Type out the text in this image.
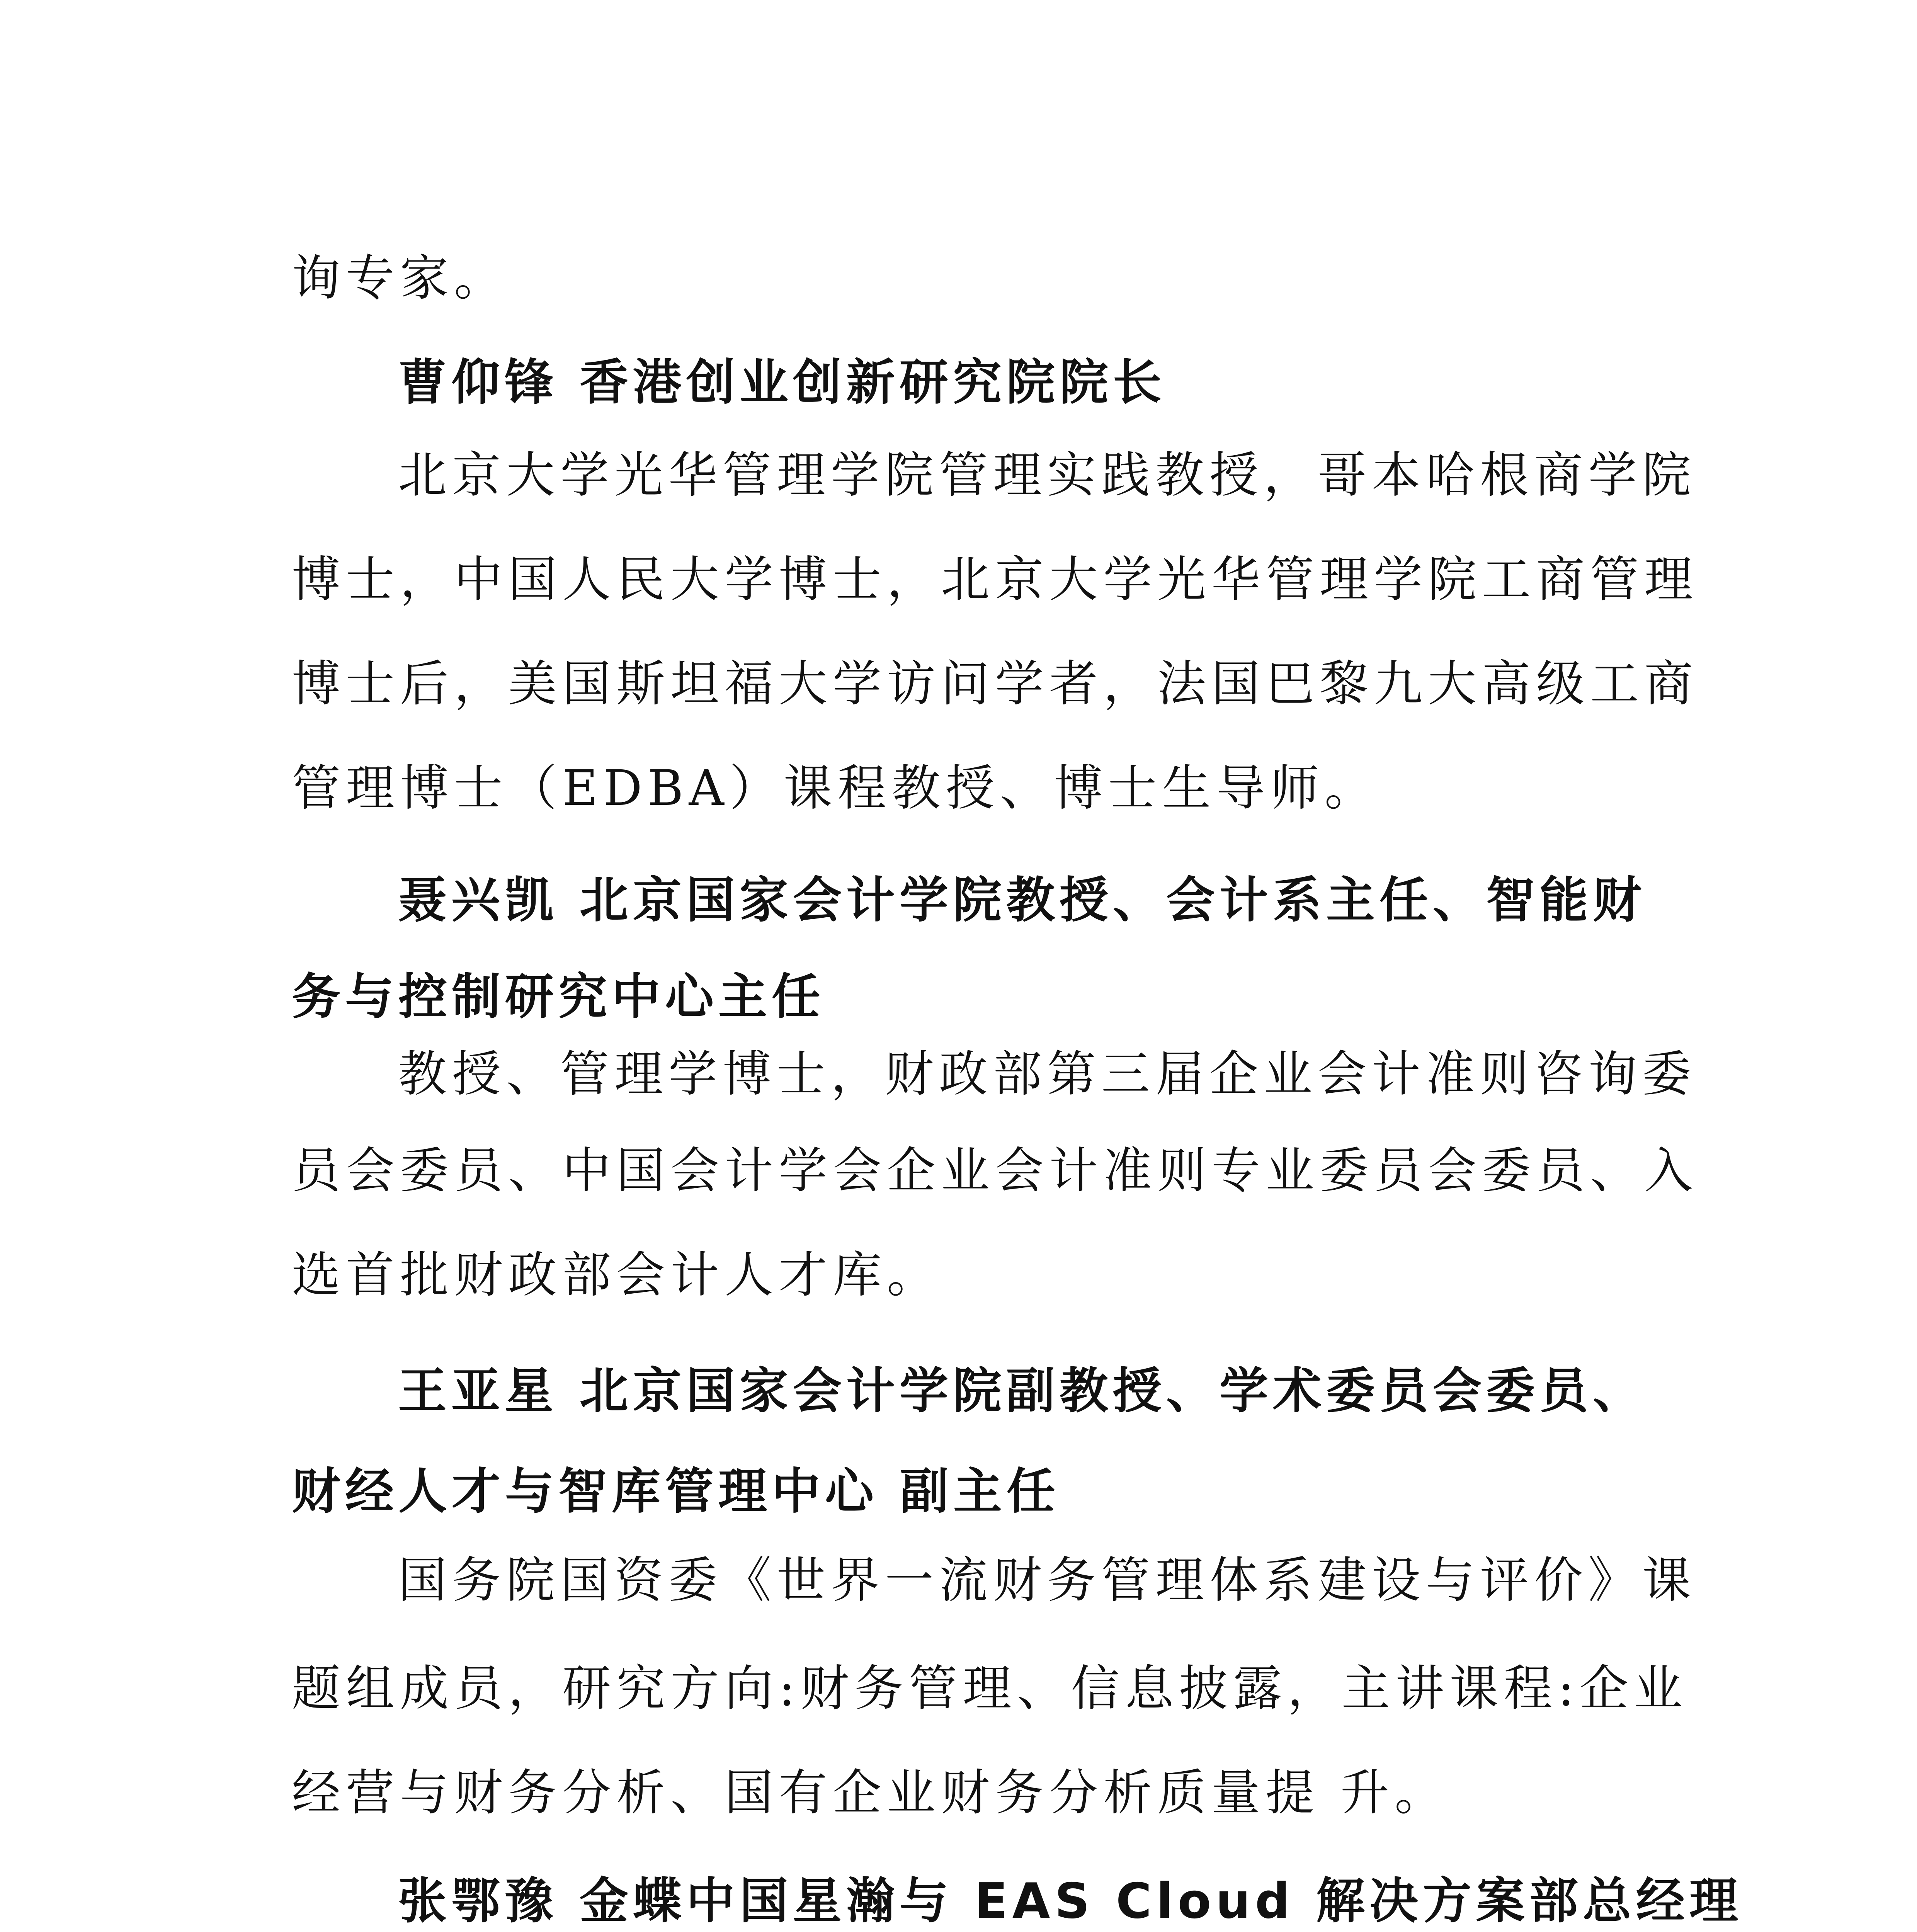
询专家。
曹仰锋 香港创业创新研究院院长
北京大学光华管理学院管理实践教授，哥本哈根商学院
博士，中国人民大学博士，北京大学光华管理学院工商管理
博士后，美国斯坦福大学访问学者，法国巴黎九大高级工商
管理博士（EDBA）课程教授、博士生导师。
聂兴凯 北京国家会计学院教授、会计系主任、智能财
务与控制研究中心主任
教授、管理学博士，财政部第三届企业会计准则咨询委
员会委员、中国会计学会企业会计准则专业委员会委员、入
选首批财政部会计人才库。
王亚星 北京国家会计学院副教授、学术委员会委员、
财经人才与智库管理中心 副主任
国务院国资委《世界一流财务管理体系建设与评价》课
题组成员，研究方向:财务管理、信息披露，主讲课程:企业
经营与财务分析、国有企业财务分析质量提 升。
张鄂豫 金蝶中国星瀚与 EAS Cloud 解决方案部总经理
